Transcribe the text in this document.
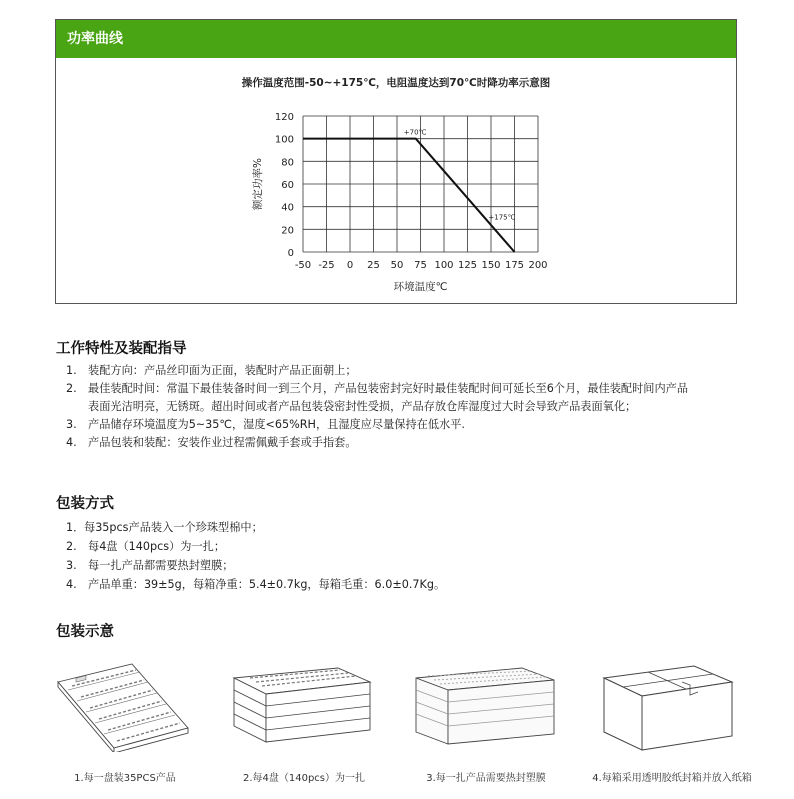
功率曲线
操作温度范围-50~+175℃，电阻温度达到70℃时降功率示意图
-50 -25 0 25 50 75 100 125 150 175 200
0
20
40
60
80
100
120
环境温度℃
额定功率%
+70℃
+175℃
工作特性及装配指导
1. 装配方向：产品丝印面为正面，装配时产品正面朝上；
2. 最佳装配时间：常温下最佳装备时间一到三个月，产品包装密封完好时最佳装配时间可延长至6个月，最佳装配时间内产品
表面光洁明亮，无锈斑。超出时间或者产品包装袋密封性受损，产品存放仓库湿度过大时会导致产品表面氧化；
3. 产品储存环境温度为5~35℃，湿度<65%RH，且湿度应尽量保持在低水平.
4. 产品包装和装配：安装作业过程需佩戴手套或手指套。
包装方式
1．每35pcs产品装入一个珍珠型棉中；
2. 每4盘（140pcs）为一扎；
3. 每一扎产品都需要热封塑膜；
4. 产品单重：39±5g，每箱净重：5.4±0.7kg，每箱毛重：6.0±0.7Kg。
包装示意
1.每一盘装35PCS产品	2.每4盘（140pcs）为一扎	3.每一扎产品需要热封塑膜	4.每箱采用透明胶纸封箱并放入纸箱
